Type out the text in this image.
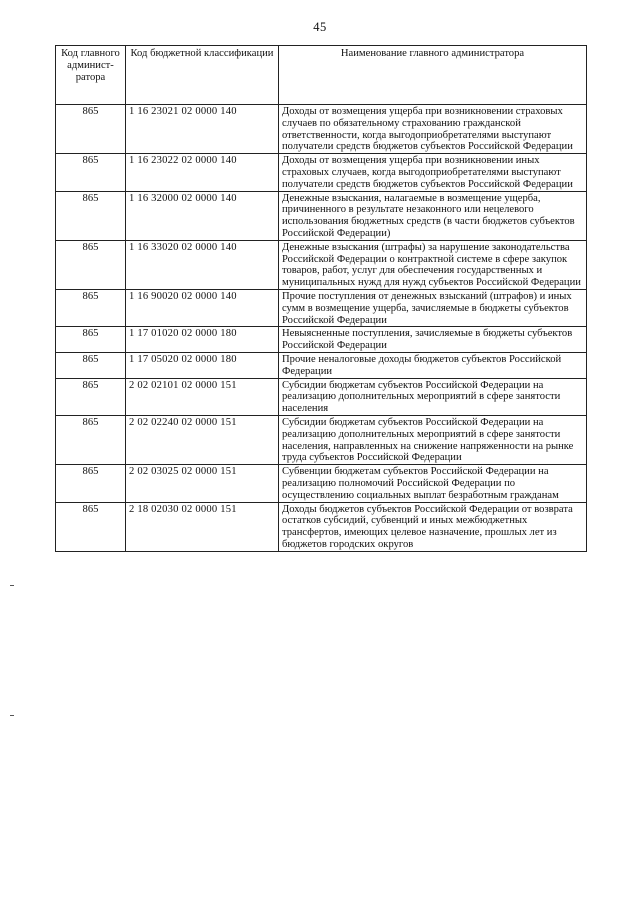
45
Код главного админист-ратора	Код бюджетной классификации	Наименование главного администратора
865	1 16 23021 02 0000 140	Доходы от возмещения ущерба при возникновении страховых случаев по обязательному страхованию гражданской ответственности, когда выгодоприобретателями выступают получатели средств бюджетов субъектов Российской Федерации
865	1 16 23022 02 0000 140	Доходы от возмещения ущерба при возникновении иных страховых случаев, когда выгодоприобретателями выступают получатели средств бюджетов субъектов Российской Федерации
865	1 16 32000 02 0000 140	Денежные взыскания, налагаемые в возмещение ущерба, причиненного в результате незаконного или нецелевого использования бюджетных средств (в части бюджетов субъектов Российской Федерации)
865	1 16 33020 02 0000 140	Денежные взыскания (штрафы) за нарушение законодательства Российской Федерации о контрактной системе в сфере закупок товаров, работ, услуг для обеспечения государственных и муниципальных нужд для нужд субъектов Российской Федерации
865	1 16 90020 02 0000 140	Прочие поступления от денежных взысканий (штрафов) и иных сумм в возмещение ущерба, зачисляемые в бюджеты субъектов Российской Федерации
865	1 17 01020 02 0000 180	Невыясненные поступления, зачисляемые в бюджеты субъектов Российской Федерации
865	1 17 05020 02 0000 180	Прочие неналоговые доходы бюджетов субъектов Российской Федерации
865	2 02 02101 02 0000 151	Субсидии бюджетам субъектов Российской Федерации на реализацию дополнительных мероприятий в сфере занятости населения
865	2 02 02240 02 0000 151	Субсидии бюджетам субъектов Российской Федерации на реализацию дополнительных мероприятий в сфере занятости населения, направленных на снижение напряженности на рынке труда субъектов Российской Федерации
865	2 02 03025 02 0000 151	Субвенции бюджетам субъектов Российской Федерации на реализацию полномочий Российской Федерации по осуществлению социальных выплат безработным гражданам
865	2 18 02030 02 0000 151	Доходы бюджетов субъектов Российской Федерации от возврата остатков субсидий, субвенций и иных межбюджетных трансфертов, имеющих целевое назначение, прошлых лет из бюджетов городских округов
